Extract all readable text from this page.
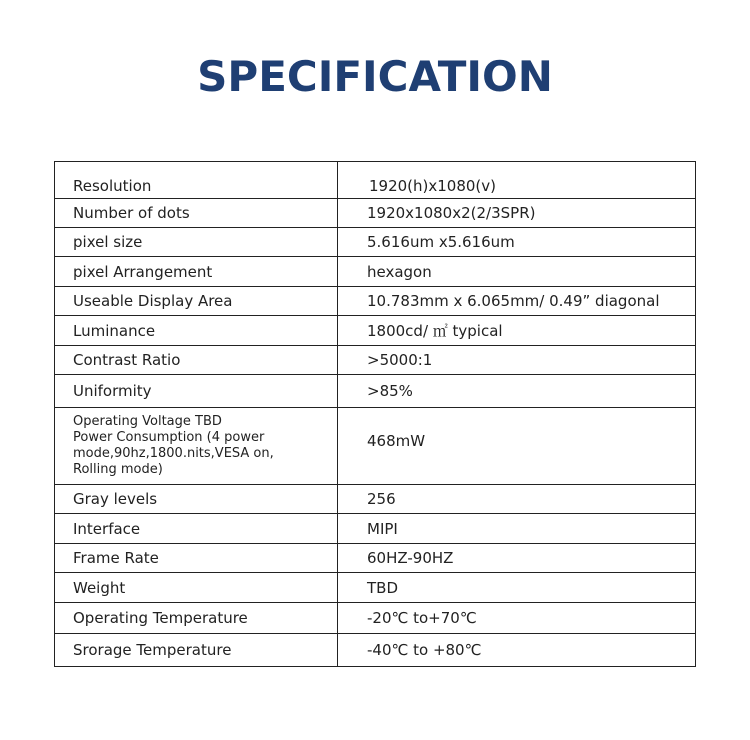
SPECIFICATION
Resolution	1920(h)x1080(v)
Number of dots	1920x1080x2(2/3SPR)
pixel size	5.616um x5.616um
pixel Arrangement	hexagon
Useable Display Area	10.783mm x 6.065mm/ 0.49” diagonal
Luminance	1800cd/ ㎡ typical
Contrast Ratio	>5000:1
Uniformity	>85%
Operating Voltage TBD
Power Consumption (4 power
mode,90hz,1800.nits,VESA on,
Rolling mode)	468mW
Gray levels	256
Interface	MIPI
Frame Rate	60HZ-90HZ
Weight	TBD
Operating Temperature	-20℃ to+70℃
Srorage Temperature	-40℃ to +80℃
